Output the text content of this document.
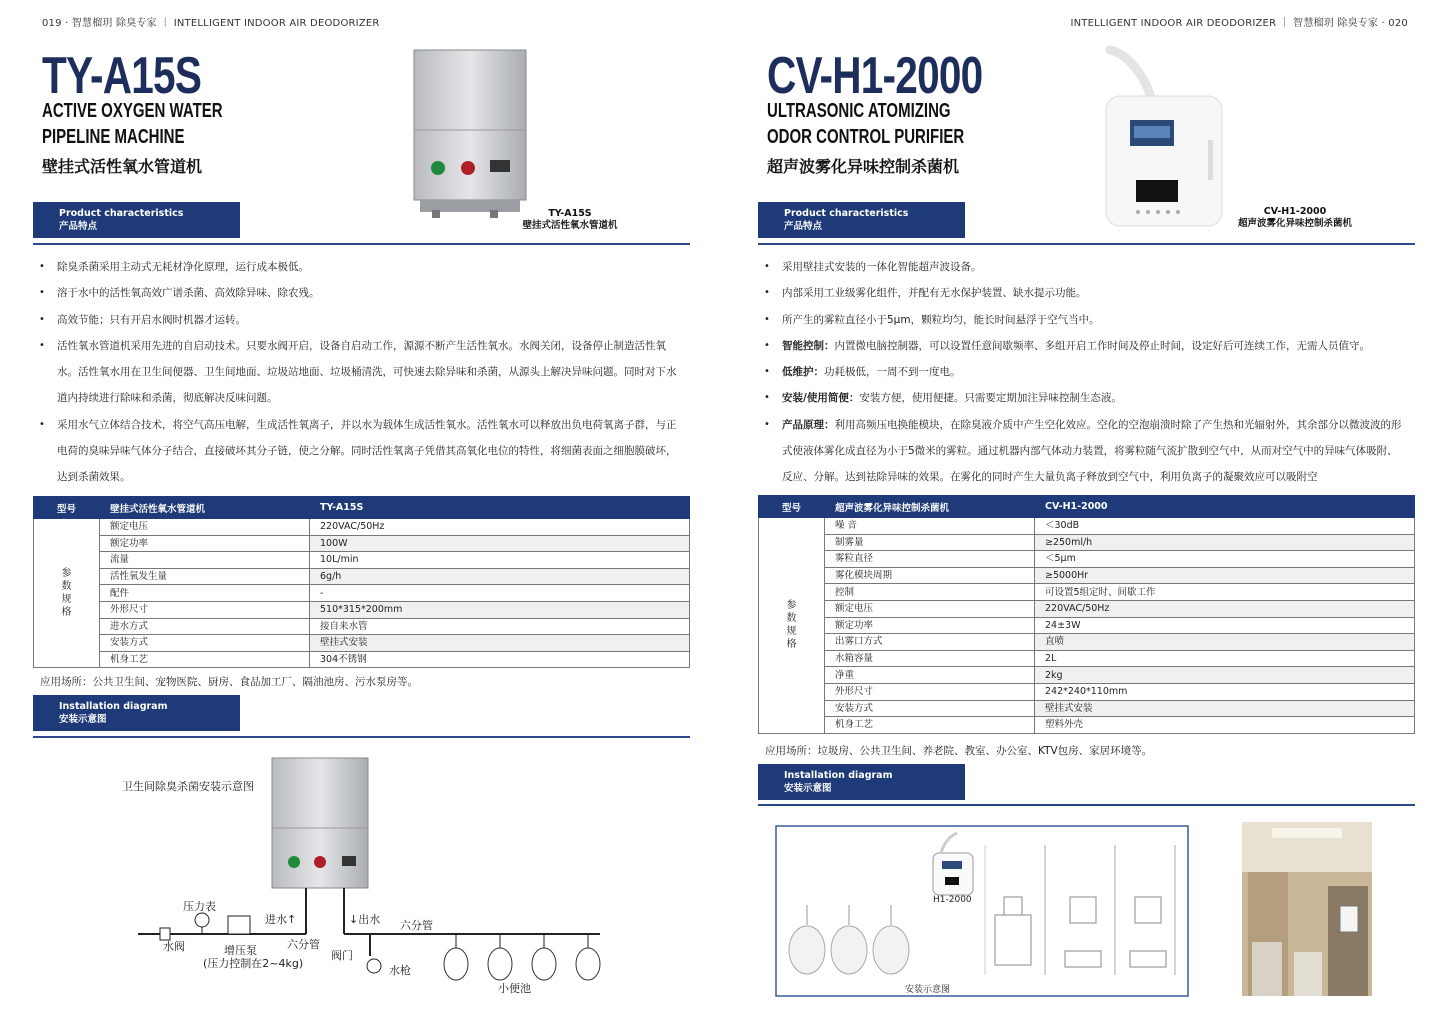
019 · 智慧榴玥 除臭专家 ｜ INTELLIGENT INDOOR AIR DEODORIZER
TY-A15S
ACTIVE OXYGEN WATER
PIPELINE MACHINE
壁挂式活性氧水管道机
TY-A15S
壁挂式活性氧水管道机
Product characteristics
产品特点
• 除臭杀菌采用主动式无耗材净化原理，运行成本极低。
• 溶于水中的活性氧高效广谱杀菌、高效除异味、除农残。
• 高效节能；只有开启水阀时机器才运转。
• 活性氧水管道机采用先进的自启动技术。只要水阀开启，设备自启动工作，源源不断产生活性氧水。水阀关闭，设备停止制造活性氧水。活性氧水用在卫生间便器、卫生间地面、垃圾站地面、垃圾桶清洗，可快速去除异味和杀菌，从源头上解决异味问题。同时对下水道内持续进行除味和杀菌，彻底解决反味问题。
• 采用水气立体结合技术，将空气高压电解，生成活性氧离子，并以水为载体生成活性氧水。活性氧水可以释放出负电荷氧离子群，与正电荷的臭味异味气体分子结合，直接破坏其分子链，使之分解。同时活性氧离子凭借其高氧化电位的特性，将细菌表面之细胞膜破坏，达到杀菌效果。
型号	壁挂式活性氧水管道机	TY-A15S

参
数
规
格	额定电压	220VAC/50Hz
	额定功率	100W
	流量	10L/min
	活性氧发生量	6g/h
	配件	-
	外形尺寸	510*315*200mm
	进水方式	接自来水管
	安装方式	壁挂式安装
	机身工艺	304不锈钢
应用场所：公共卫生间、宠物医院、厨房、食品加工厂、隔油池房、污水泵房等。
Installation diagram
安装示意图
卫生间除臭杀菌安装示意图
压力表
水阀	增压泵
(压力控制在2~4kg)
进水↑	↓出水
六分管
六分管
阀门
水枪
小便池
INTELLIGENT INDOOR AIR DEODORIZER ｜ 智慧榴玥 除臭专家 · 020
CV-H1-2000
ULTRASONIC ATOMIZING
ODOR CONTROL PURIFIER
超声波雾化异味控制杀菌机
CV-H1-2000
超声波雾化异味控制杀菌机
Product characteristics
产品特点
• 采用壁挂式安装的一体化智能超声波设备。
• 内部采用工业级雾化组件，并配有无水保护装置、缺水提示功能。
• 所产生的雾粒直径小于5μm，颗粒均匀，能长时间悬浮于空气当中。
• 智能控制：内置微电脑控制器，可以设置任意间歇频率、多组开启工作时间及停止时间，设定好后可连续工作，无需人员值守。
• 低维护：功耗极低，一周不到一度电。
• 安装/使用简便：安装方便，使用便捷。只需要定期加注异味控制生态液。
• 产品原理：利用高频压电换能模块，在除臭液介质中产生空化效应。空化的空泡崩溃时除了产生热和光辐射外，其余部分以微波波的形式使液体雾化成直径为小于5微米的雾粒。通过机器内部气体动力装置，将雾粒随气流扩散到空气中，从而对空气中的异味气体吸附、反应、分解。达到祛除异味的效果。在雾化的同时产生大量负离子释放到空气中，利用负离子的凝聚效应可以吸附空
型号	超声波雾化异味控制杀菌机	CV-H1-2000

参
数
规
格	噪 音	＜30dB
	制雾量	≥250ml/h
	雾粒直径	＜5μm
	雾化模块周期	≥5000Hr
	控制	可设置5组定时、间歇工作
	额定电压	220VAC/50Hz
	额定功率	24±3W
	出雾口方式	直喷
	水箱容量	2L
	净重	2kg
	外形尺寸	242*240*110mm
	安装方式	壁挂式安装
	机身工艺	塑料外壳
应用场所：垃圾房、公共卫生间、养老院、教室、办公室、KTV包房、家居环境等。
Installation diagram
安装示意图
H1-2000
安装示意图
